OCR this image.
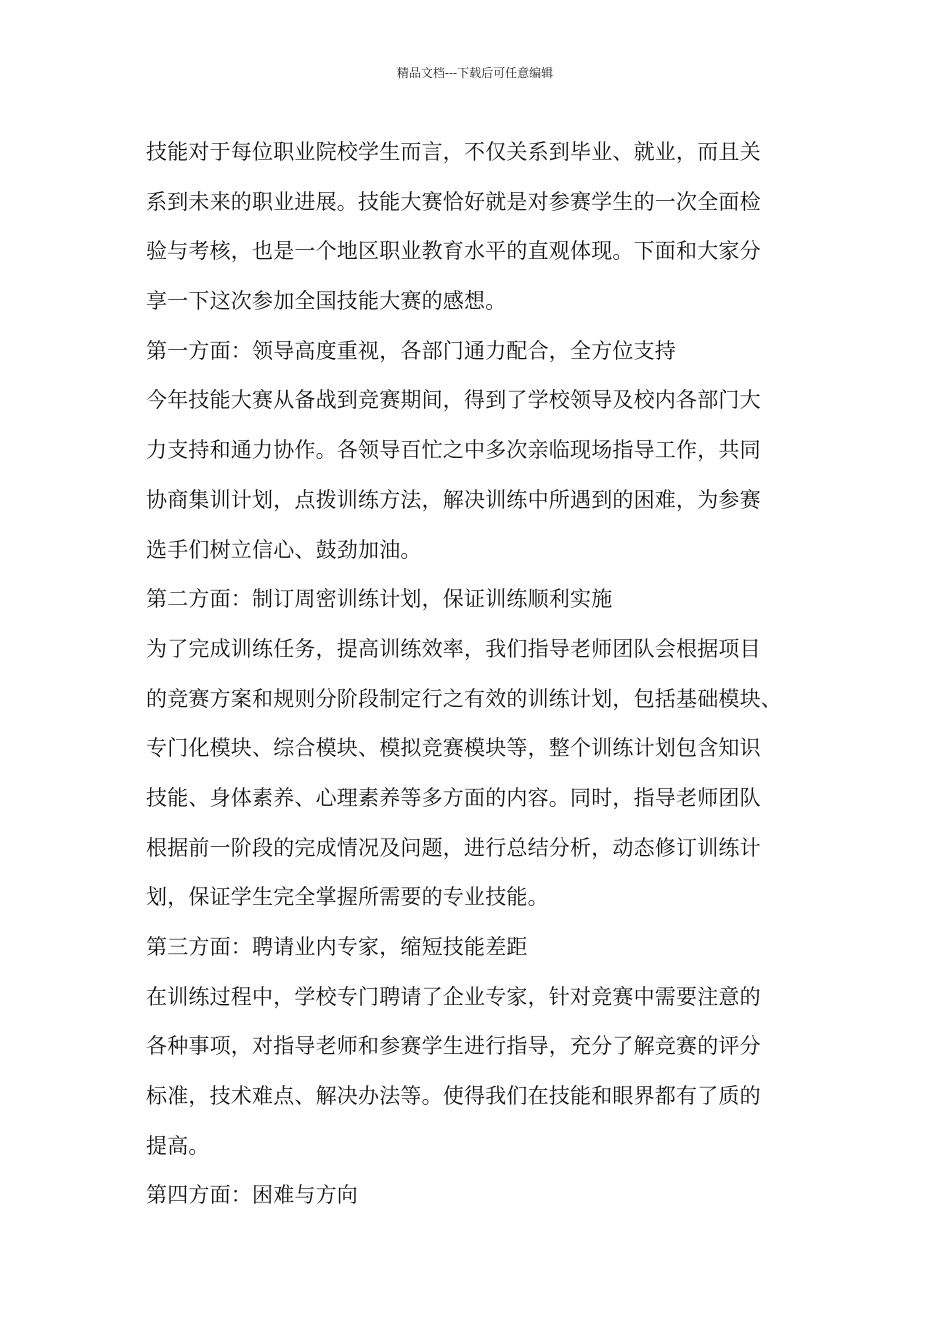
精品文档---下载后可任意编辑
技能对于每位职业院校学生而言，不仅关系到毕业、就业，而且关
系到未来的职业进展。技能大赛恰好就是对参赛学生的一次全面检
验与考核，也是一个地区职业教育水平的直观体现。下面和大家分
享一下这次参加全国技能大赛的感想。
第一方面：领导高度重视，各部门通力配合，全方位支持
今年技能大赛从备战到竞赛期间，得到了学校领导及校内各部门大
力支持和通力协作。各领导百忙之中多次亲临现场指导工作，共同
协商集训计划，点拨训练方法，解决训练中所遇到的困难，为参赛
选手们树立信心、鼓劲加油。
第二方面：制订周密训练计划，保证训练顺利实施
为了完成训练任务，提高训练效率，我们指导老师团队会根据项目
的竞赛方案和规则分阶段制定行之有效的训练计划，包括基础模块、
专门化模块、综合模块、模拟竞赛模块等，整个训练计划包含知识
技能、身体素养、心理素养等多方面的内容。同时，指导老师团队
根据前一阶段的完成情况及问题，进行总结分析，动态修订训练计
划，保证学生完全掌握所需要的专业技能。
第三方面：聘请业内专家，缩短技能差距
在训练过程中，学校专门聘请了企业专家，针对竞赛中需要注意的
各种事项，对指导老师和参赛学生进行指导，充分了解竞赛的评分
标准，技术难点、解决办法等。使得我们在技能和眼界都有了质的
提高。
第四方面：困难与方向
